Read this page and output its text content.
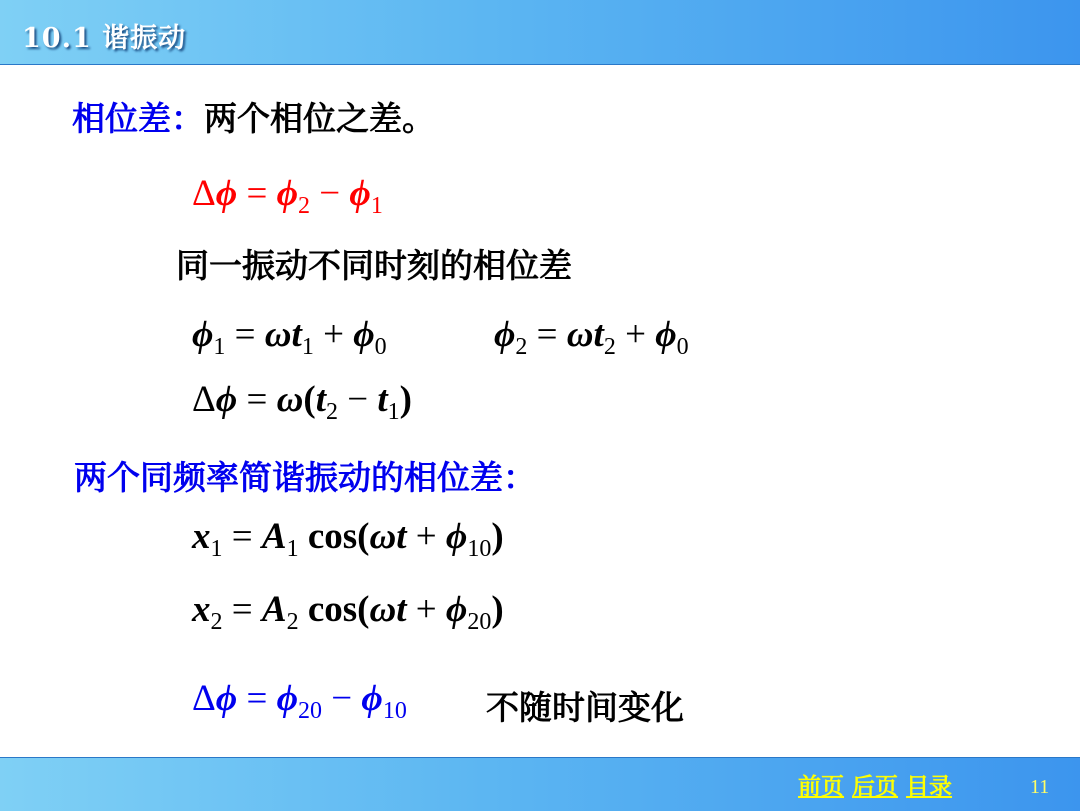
10.1 谐振动
相位差：两个相位之差。
$\Delta\phi = \phi_2 - \phi_1$
同一振动不同时刻的相位差
$\phi_1 = \omega t_1 + \phi_0$	$\phi_2 = \omega t_2 + \phi_0$
$\Delta\phi = \omega(t_2 - t_1)$
两个同频率简谐振动的相位差：
$x_1 = A_1$ $\cos(\omega t + \phi_{10})$
$x_2 = A_2$ $\cos(\omega t + \phi_{20})$
$\Delta\phi = \phi_{20} - \phi_{10}$ 不随时间变化
前页 后页 目录	11
